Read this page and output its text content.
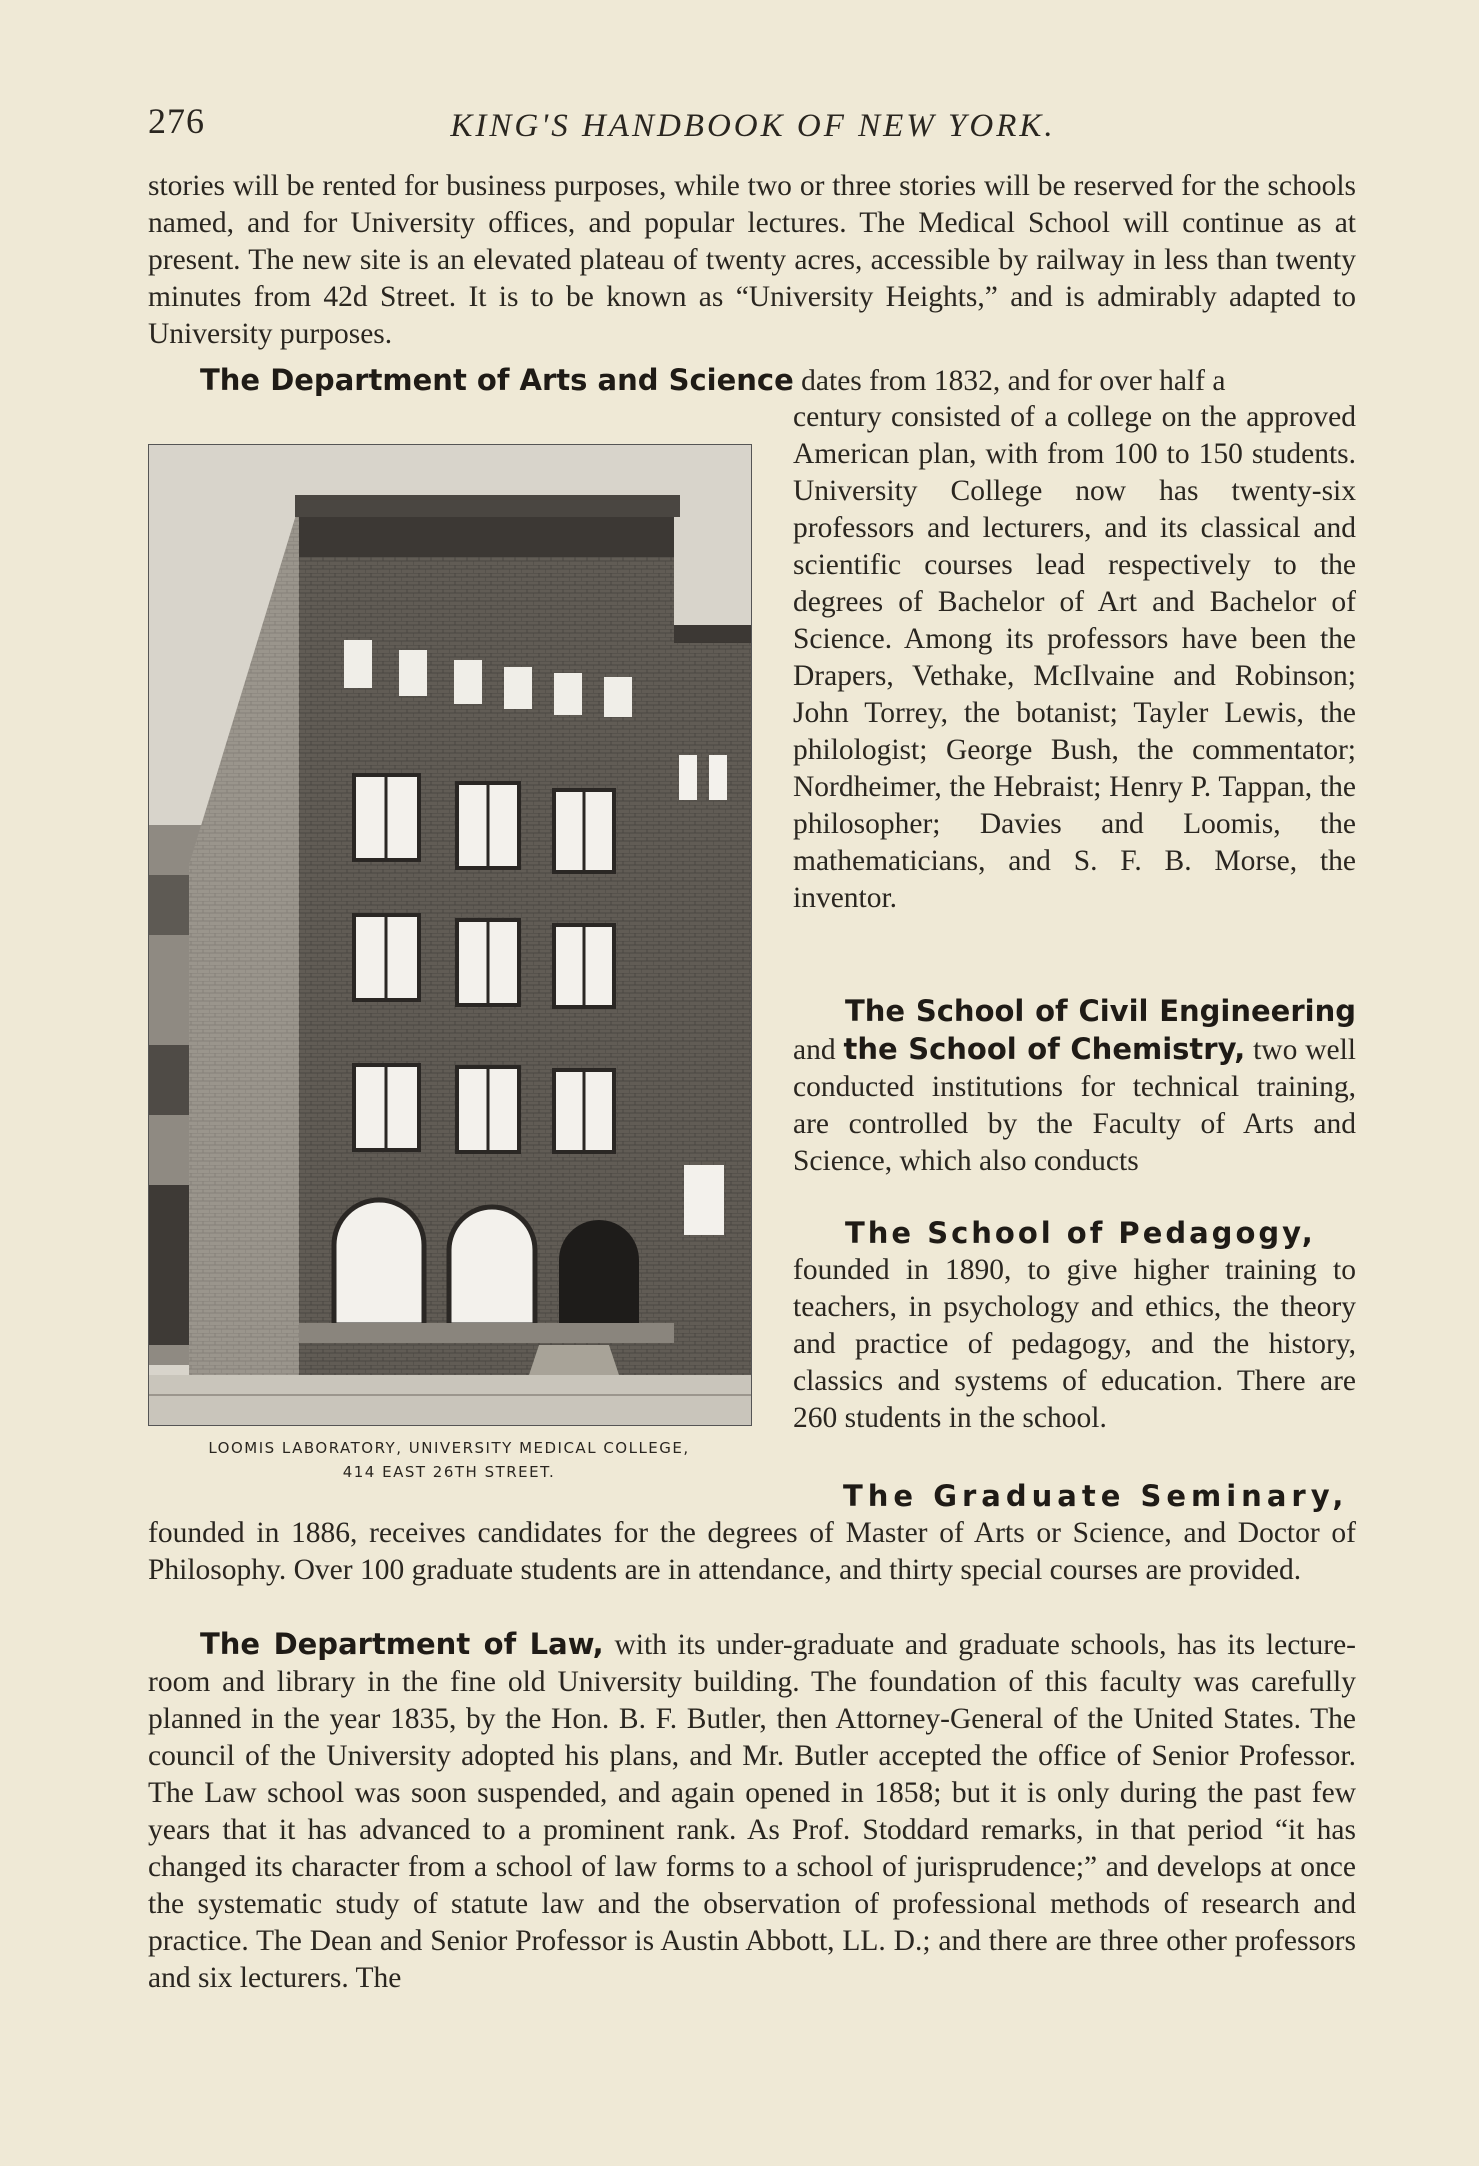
276	KING'S HANDBOOK OF NEW YORK.

stories will be rented for business purposes, while two or three stories will be reserved for the schools named, and for University offices, and popular lectures. The Medical School will continue as at present. The new site is an elevated plateau of twenty acres, accessible by railway in less than twenty minutes from 42d Street. It is to be known as “University Heights,” and is admirably adapted to University purposes.

The Department of Arts and Science dates from 1832, and for over half a

LOOMIS LABORATORY, UNIVERSITY MEDICAL COLLEGE,
414 EAST 26TH STREET.

century consisted of a college on the approved American plan, with from 100 to 150 students. University College now has twenty-six professors and lecturers, and its classical and scientific courses lead respectively to the degrees of Bachelor of Art and Bachelor of Science. Among its professors have been the Drapers, Vethake, McIlvaine and Robinson; John Torrey, the botanist; Tayler Lewis, the philologist; George Bush, the commentator; Nordheimer, the Hebraist; Henry P. Tappan, the philosopher; Davies and Loomis, the mathematicians, and S. F. B. Morse, the inventor.

The School of Civil Engineering and the School of Chemistry, two well conducted institutions for technical training, are controlled by the Faculty of Arts and Science, which also conducts

The School of Pedagogy,
founded in 1890, to give higher training to teachers, in psychology and ethics, the theory and practice of pedagogy, and the history, classics and systems of education. There are 260 students in the school.

The Graduate Seminary,

founded in 1886, receives candidates for the degrees of Master of Arts or Science, and Doctor of Philosophy. Over 100 graduate students are in attendance, and thirty special courses are provided.

The Department of Law, with its under-graduate and graduate schools, has its lecture-room and library in the fine old University building. The foundation of this faculty was carefully planned in the year 1835, by the Hon. B. F. Butler, then Attorney-General of the United States. The council of the University adopted his plans, and Mr. Butler accepted the office of Senior Professor. The Law school was soon suspended, and again opened in 1858; but it is only during the past few years that it has advanced to a prominent rank. As Prof. Stoddard remarks, in that period “it has changed its character from a school of law forms to a school of jurisprudence;” and develops at once the systematic study of statute law and the observation of professional methods of research and practice. The Dean and Senior Professor is Austin Abbott, LL. D.; and there are three other professors and six lecturers. The
